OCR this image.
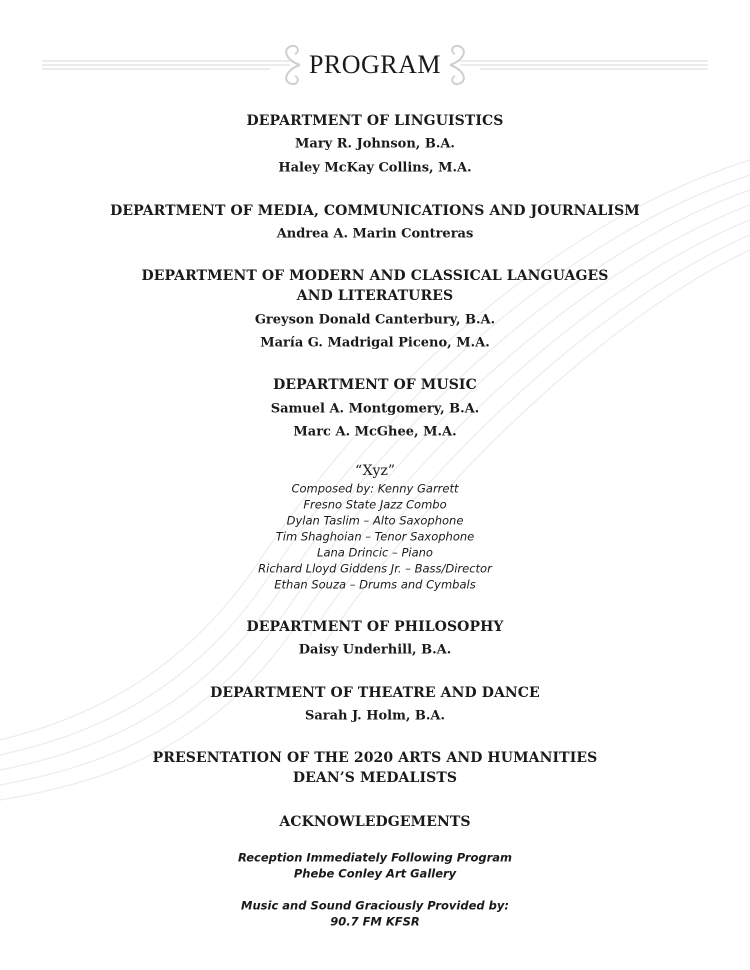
PROGRAM
DEPARTMENT OF LINGUISTICS
Mary R. Johnson, B.A.
Haley McKay Collins, M.A.
DEPARTMENT OF MEDIA, COMMUNICATIONS AND JOURNALISM
Andrea A. Marin Contreras
DEPARTMENT OF MODERN AND CLASSICAL LANGUAGES
AND LITERATURES
Greyson Donald Canterbury, B.A.
María G. Madrigal Piceno, M.A.
DEPARTMENT OF MUSIC
Samuel A. Montgomery, B.A.
Marc A. McGhee, M.A.
“Xyz”
Composed by: Kenny Garrett
Fresno State Jazz Combo
Dylan Taslim – Alto Saxophone
Tim Shaghoian – Tenor Saxophone
Lana Drincic – Piano
Richard Lloyd Giddens Jr. – Bass/Director
Ethan Souza – Drums and Cymbals
DEPARTMENT OF PHILOSOPHY
Daisy Underhill, B.A.
DEPARTMENT OF THEATRE AND DANCE
Sarah J. Holm, B.A.
PRESENTATION OF THE 2020 ARTS AND HUMANITIES
DEAN’S MEDALISTS
ACKNOWLEDGEMENTS
Reception Immediately Following Program
Phebe Conley Art Gallery
Music and Sound Graciously Provided by:
90.7 FM KFSR
